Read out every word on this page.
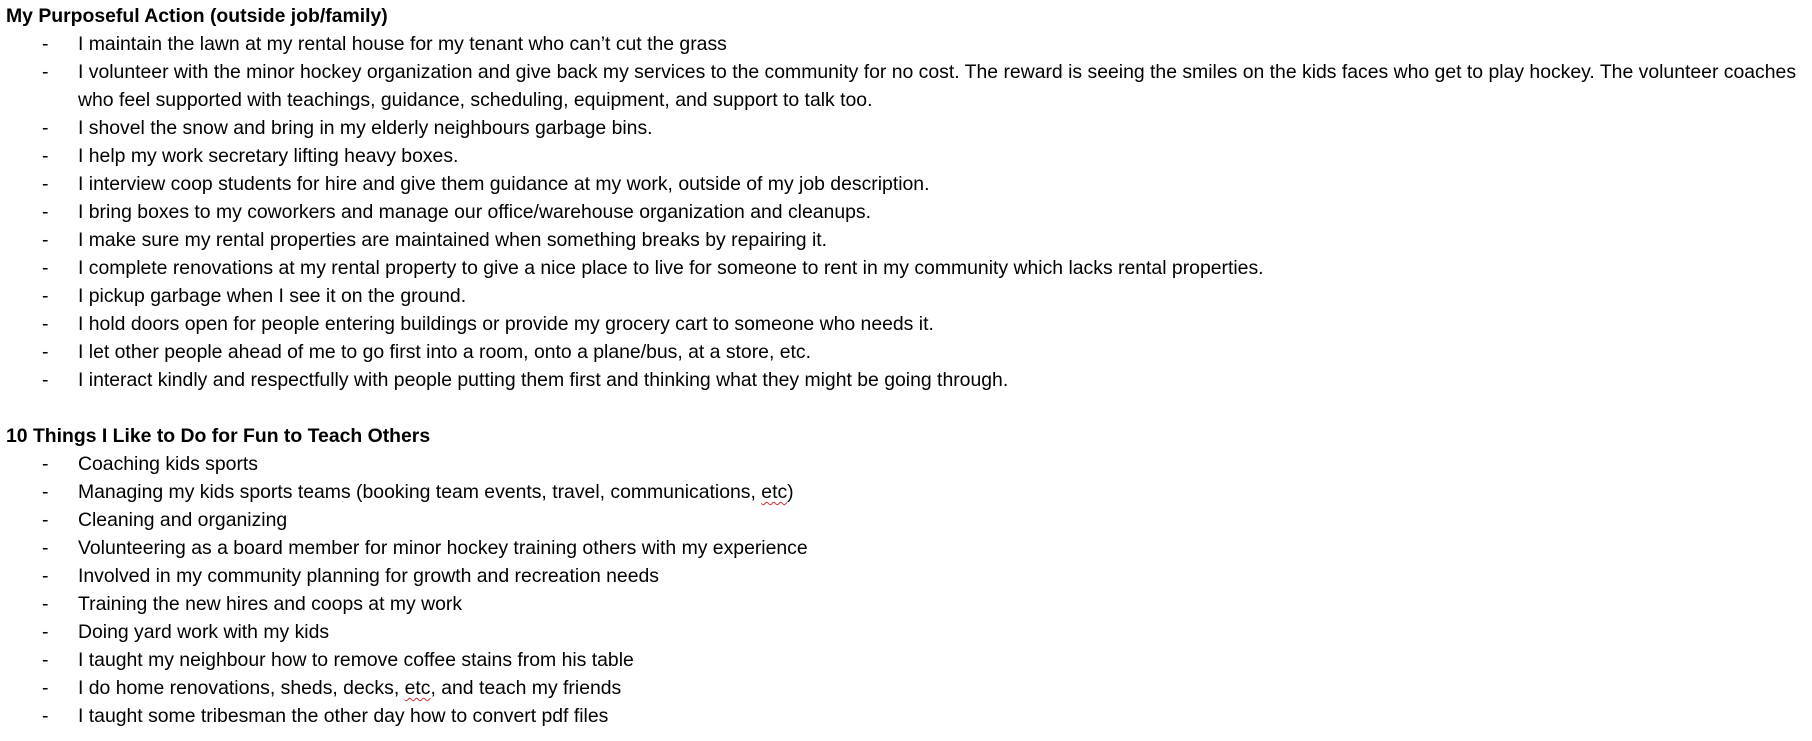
My Purposeful Action (outside job/family)
-	I maintain the lawn at my rental house for my tenant who can’t cut the grass
-	I volunteer with the minor hockey organization and give back my services to the community for no cost. The reward is seeing the smiles on the kids faces who get to play hockey. The volunteer coaches who feel supported with teachings, guidance, scheduling, equipment, and support to talk too.
-	I shovel the snow and bring in my elderly neighbours garbage bins.
-	I help my work secretary lifting heavy boxes.
-	I interview coop students for hire and give them guidance at my work, outside of my job description.
-	I bring boxes to my coworkers and manage our office/warehouse organization and cleanups.
-	I make sure my rental properties are maintained when something breaks by repairing it.
-	I complete renovations at my rental property to give a nice place to live for someone to rent in my community which lacks rental properties.
-	I pickup garbage when I see it on the ground.
-	I hold doors open for people entering buildings or provide my grocery cart to someone who needs it.
-	I let other people ahead of me to go first into a room, onto a plane/bus, at a store, etc.
-	I interact kindly and respectfully with people putting them first and thinking what they might be going through.
10 Things I Like to Do for Fun to Teach Others
-	Coaching kids sports
-	Managing my kids sports teams (booking team events, travel, communications, etc)
-	Cleaning and organizing
-	Volunteering as a board member for minor hockey training others with my experience
-	Involved in my community planning for growth and recreation needs
-	Training the new hires and coops at my work
-	Doing yard work with my kids
-	I taught my neighbour how to remove coffee stains from his table
-	I do home renovations, sheds, decks, etc, and teach my friends
-	I taught some tribesman the other day how to convert pdf files
